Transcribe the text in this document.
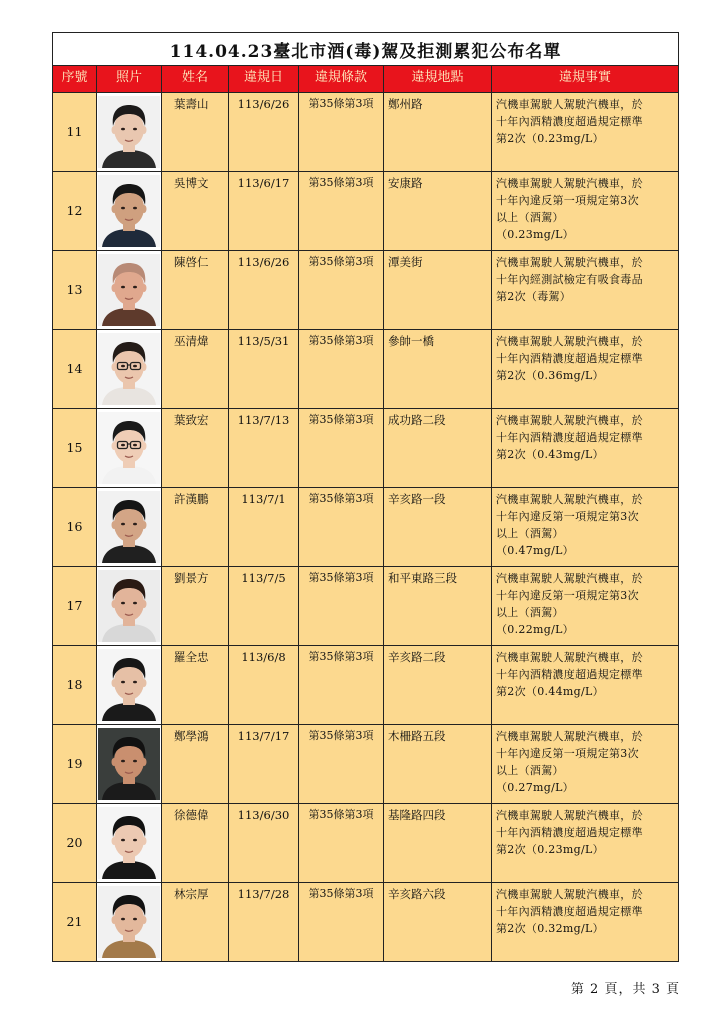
114.04.23臺北市酒(毒)駕及拒測累犯公布名單						
序號	照片	姓名	違規日	違規條款	違規地點	違規事實
11		葉壽山	113/6/26	第35條第3項	鄭州路	汽機車駕駛人駕駛汽機車，於
十年內酒精濃度超過規定標準
第2次（0.23mg/L）

12		吳博文	113/6/17	第35條第3項	安康路	汽機車駕駛人駕駛汽機車，於
十年內違反第一項規定第3次
以上（酒駕）
（0.23mg/L）

13		陳啓仁	113/6/26	第35條第3項	潭美街	汽機車駕駛人駕駛汽機車，於
十年內經測試檢定有吸食毒品
第2次（毒駕）

14		巫清煒	113/5/31	第35條第3項	參帥一橋	汽機車駕駛人駕駛汽機車，於
十年內酒精濃度超過規定標準
第2次（0.36mg/L）

15		葉致宏	113/7/13	第35條第3項	成功路二段	汽機車駕駛人駕駛汽機車，於
十年內酒精濃度超過規定標準
第2次（0.43mg/L）

16		許漢鵬	113/7/1	第35條第3項	辛亥路一段	汽機車駕駛人駕駛汽機車，於
十年內違反第一項規定第3次
以上（酒駕）
（0.47mg/L）

17		劉景方	113/7/5	第35條第3項	和平東路三段	汽機車駕駛人駕駛汽機車，於
十年內違反第一項規定第3次
以上（酒駕）
（0.22mg/L）

18		羅全忠	113/6/8	第35條第3項	辛亥路二段	汽機車駕駛人駕駛汽機車，於
十年內酒精濃度超過規定標準
第2次（0.44mg/L）

19		鄭學鴻	113/7/17	第35條第3項	木柵路五段	汽機車駕駛人駕駛汽機車，於
十年內違反第一項規定第3次
以上（酒駕）
（0.27mg/L）

20		徐德偉	113/6/30	第35條第3項	基隆路四段	汽機車駕駛人駕駛汽機車，於
十年內酒精濃度超過規定標準
第2次（0.23mg/L）

21		林宗厚	113/7/28	第35條第3項	辛亥路六段	汽機車駕駛人駕駛汽機車，於
十年內酒精濃度超過規定標準
第2次（0.32mg/L）
第 2 頁，共 3 頁
